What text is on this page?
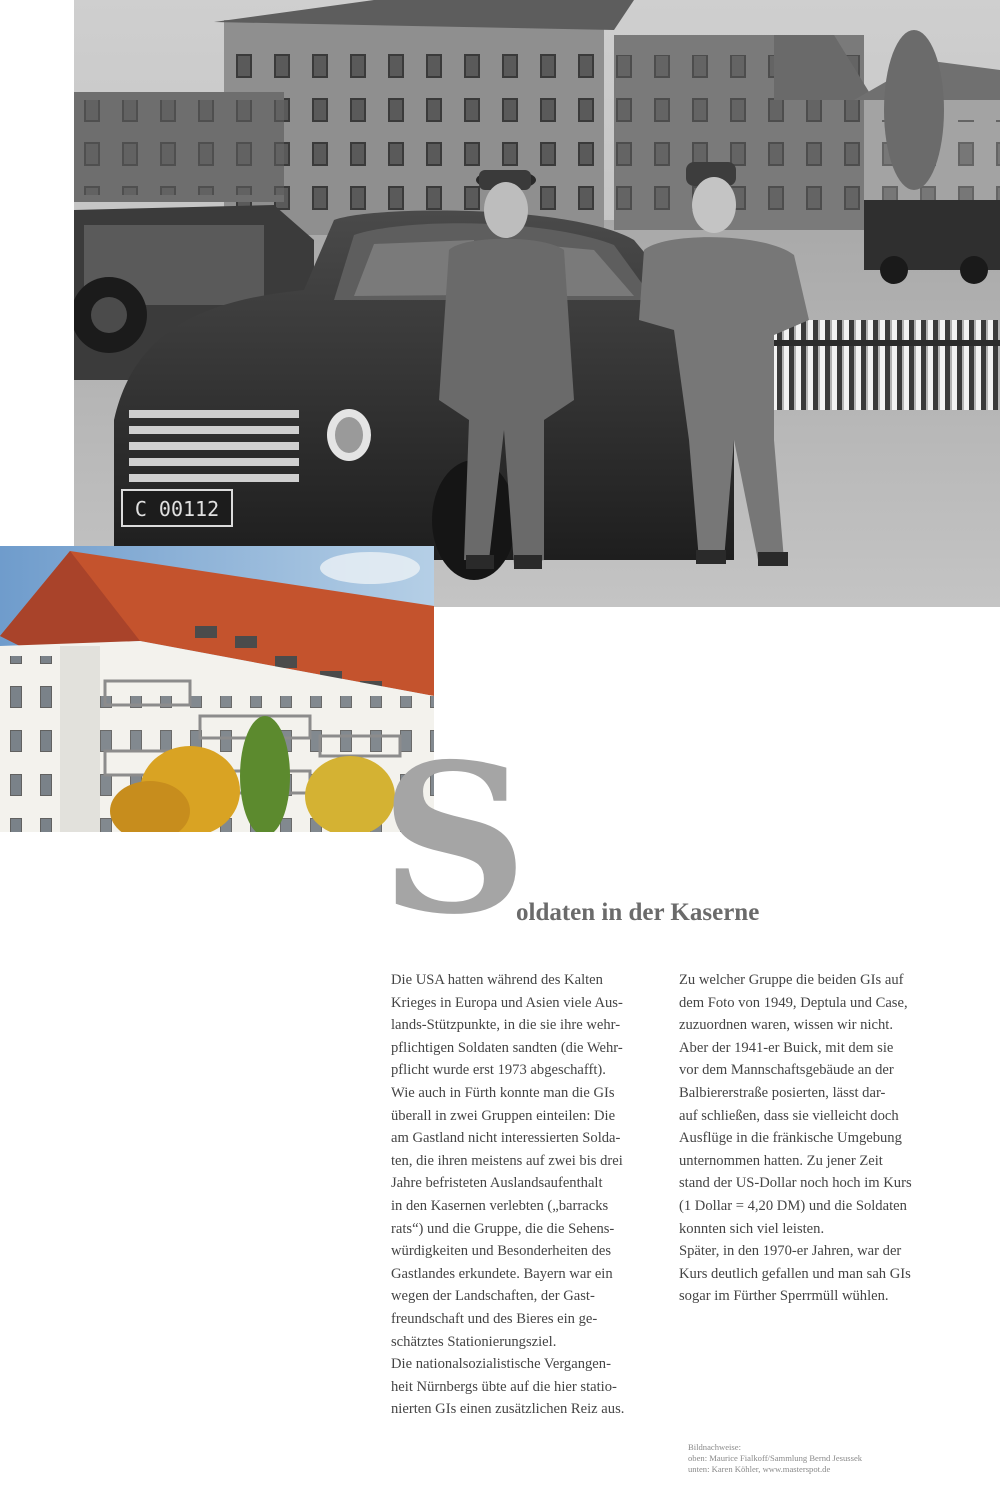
C 00112
S
oldaten in der Kaserne
Die USA hatten während des Kalten
Krieges in Europa und Asien viele Aus-
lands-Stützpunkte, in die sie ihre wehr-
pflichtigen Soldaten sandten (die Wehr-
pflicht wurde erst 1973 abgeschafft).
Wie auch in Fürth konnte man die GIs
überall in zwei Gruppen einteilen: Die
am Gastland nicht interessierten Solda-
ten, die ihren meistens auf zwei bis drei
Jahre befristeten Auslandsaufenthalt
in den Kasernen verlebten („barracks
rats“) und die Gruppe, die die Sehens-
würdigkeiten und Besonderheiten des
Gastlandes erkundete. Bayern war ein
wegen der Landschaften, der Gast-
freundschaft und des Bieres ein ge-
schätztes Stationierungsziel.
Die nationalsozialistische Vergangen-
heit Nürnbergs übte auf die hier statio-
nierten GIs einen zusätzlichen Reiz aus.
Zu welcher Gruppe die beiden GIs auf
dem Foto von 1949, Deptula und Case,
zuzuordnen waren, wissen wir nicht.
Aber der 1941-er Buick, mit dem sie
vor dem Mannschaftsgebäude an der
Balbiererstraße posierten, lässt dar-
auf schließen, dass sie vielleicht doch
Ausflüge in die fränkische Umgebung
unternommen hatten. Zu jener Zeit
stand der US-Dollar noch hoch im Kurs
(1 Dollar = 4,20 DM) und die Soldaten
konnten sich viel leisten.
Später, in den 1970-er Jahren, war der
Kurs deutlich gefallen und man sah GIs
sogar im Fürther Sperrmüll wühlen.
Bildnachweise:
oben: Maurice Fialkoff/Sammlung Bernd Jesussek
unten: Karen Köhler, www.masterspot.de
